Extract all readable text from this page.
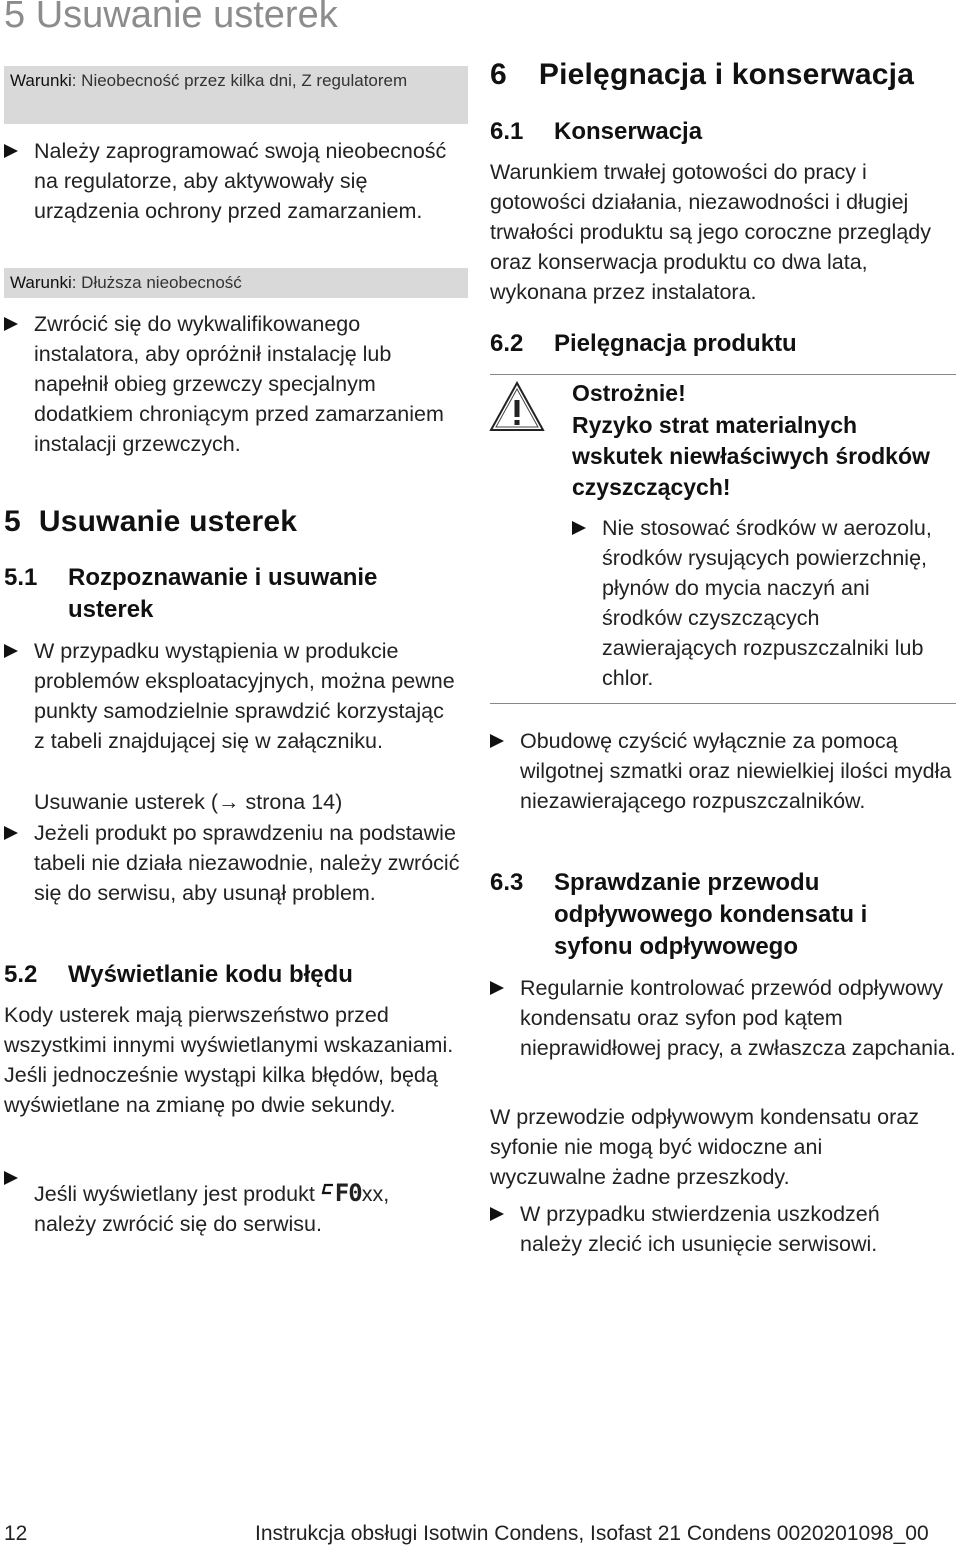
5 Usuwanie usterek
Warunki: Nieobecność przez kilka dni, Z regulatorem
Należy zaprogramować swoją nieobecność na regulatorze, aby aktywowały się urządzenia ochrony przed zamarzaniem.
Warunki: Dłuższa nieobecność
Zwrócić się do wykwalifikowanego instalatora, aby opróżnił instalację lub napełnił obieg grzewczy specjalnym dodatkiem chroniącym przed zamarzaniem instalacji grzewczych.
5 Usuwanie usterek
5.1	Rozpoznawanie i usuwanie usterek
W przypadku wystąpienia w produkcie problemów eksploatacyjnych, można pewne punkty samodzielnie sprawdzić korzystając z tabeli znajdującej się w załączniku.
Usuwanie usterek (→ strona 14)
Jeżeli produkt po sprawdzeniu na podstawie tabeli nie działa niezawodnie, należy zwrócić się do serwisu, aby usunął problem.
5.2	Wyświetlanie kodu błędu
Kody usterek mają pierwszeństwo przed wszystkimi innymi wyświetlanymi wskazaniami. Jeśli jednocześnie wystąpi kilka błędów, będą wyświetlane na zmianę po dwie sekundy.
Jeśli wyświetlany jest produkt F0xx,
należy zwrócić się do serwisu.
6 Pielęgnacja i konserwacja
6.1	Konserwacja
Warunkiem trwałej gotowości do pracy i gotowości działania, niezawodności i długiej trwałości produktu są jego coroczne przeglądy oraz konserwacja produktu co dwa lata, wykonana przez instalatora.
6.2	Pielęgnacja produktu
Ostrożnie!
Ryzyko strat materialnych wskutek niewłaściwych środków czyszczących!
Nie stosować środków w aerozolu, środków rysujących powierzchnię, płynów do mycia naczyń ani środków czyszczących zawierających rozpuszczalniki lub chlor.
Obudowę czyścić wyłącznie za pomocą wilgotnej szmatki oraz niewielkiej ilości mydła niezawierającego rozpuszczalników.
6.3	Sprawdzanie przewodu odpływowego kondensatu i syfonu odpływowego
Regularnie kontrolować przewód odpływowy kondensatu oraz syfon pod kątem nieprawidłowej pracy, a zwłaszcza zapchania.
W przewodzie odpływowym kondensatu oraz syfonie nie mogą być widoczne ani wyczuwalne żadne przeszkody.
W przypadku stwierdzenia uszkodzeń należy zlecić ich usunięcie serwisowi.
12	Instrukcja obsługi Isotwin Condens, Isofast 21 Condens 0020201098_00
